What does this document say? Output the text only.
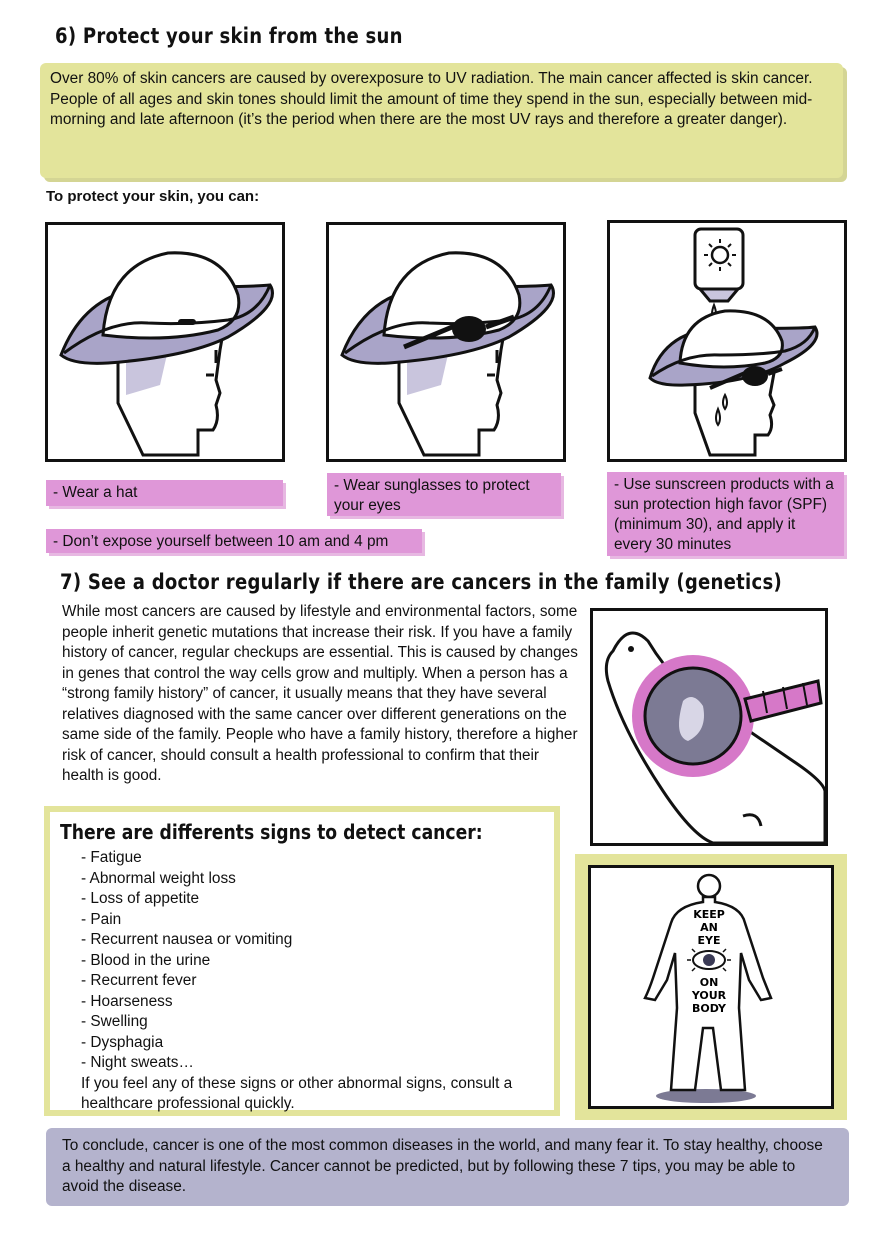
6) Protect your skin from the sun

Over 80% of skin cancers are caused by overexposure to UV radiation. The main cancer affected is skin cancer.

People of all ages and skin tones should limit the amount of time they spend in the sun, especially between mid-morning and late afternoon (it’s the period when there are the most UV rays and therefore a greater danger).

To protect your skin, you can:
- Wear a hat	- Wear sunglasses to protect your eyes
- Use sunscreen products with a sun protection high favor (SPF) (minimum 30), and apply it every 30 minutes
- Don’t expose yourself between 10 am and 4 pm
7) See a doctor regularly if there are cancers in the family (genetics)
While most cancers are caused by lifestyle and environmental factors, some people inherit genetic mutations that increase their risk. If you have a family history of cancer, regular checkups are essential. This is caused by changes in genes that control the way cells grow and multiply. When a person has a “strong family history” of cancer, it usually means that they have several relatives diagnosed with the same cancer over different generations on the same side of the family. People who have a family history, therefore a higher risk of cancer, should consult a health professional to confirm that their health is good.
There are differents signs to detect cancer:
- Fatigue
- Abnormal weight loss
- Loss of appetite
- Pain
- Recurrent nausea or vomiting
- Blood in the urine
- Recurrent fever
- Hoarseness
- Swelling
- Dysphagia
- Night sweats…
If you feel any of these signs or other abnormal signs, consult a healthcare professional quickly.
KEEP
AN
EYE
ON
YOUR
BODY
To conclude, cancer is one of the most common diseases in the world, and many fear it. To stay healthy, choose a healthy and natural lifestyle. Cancer cannot be predicted, but by following these 7 tips, you may be able to avoid the disease.
